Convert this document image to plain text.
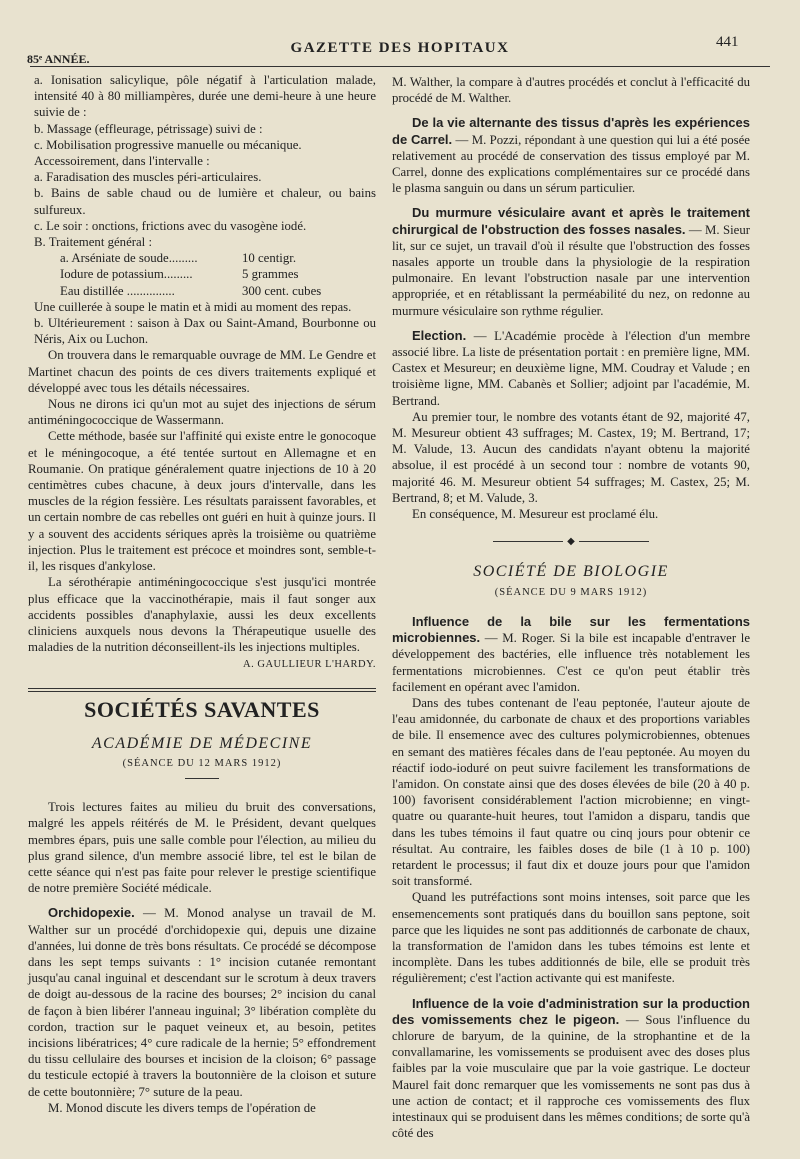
85ᵉ ANNÉE.
GAZETTE DES HOPITAUX	441

a. Ionisation salicylique, pôle négatif à l'articulation malade, intensité 40 à 80 milliampères, durée une demi-heure à une heure suivie de :

b. Massage (effleurage, pétrissage) suivi de :

c. Mobilisation progressive manuelle ou mécanique.

Accessoirement, dans l'intervalle :

a. Faradisation des muscles péri-articulaires.

b. Bains de sable chaud ou de lumière et chaleur, ou bains sulfureux.

c. Le soir : onctions, frictions avec du vasogène iodé.

B. Traitement général :

a. Arséniate de soude.........	10 centigr.
Iodure de potassium.........	5 grammes
Eau distillée ...............	300 cent. cubes

Une cuillerée à soupe le matin et à midi au moment des repas.

b. Ultérieurement : saison à Dax ou Saint-Amand, Bourbonne ou Néris, Aix ou Luchon.

On trouvera dans le remarquable ouvrage de MM. Le Gendre et Martinet chacun des points de ces divers traitements expliqué et développé avec tous les détails nécessaires.

Nous ne dirons ici qu'un mot au sujet des injections de sérum antiméningococcique de Wassermann.

Cette méthode, basée sur l'affinité qui existe entre le gonocoque et le méningocoque, a été tentée surtout en Allemagne et en Roumanie. On pratique généralement quatre injections de 10 à 20 centimètres cubes chacune, à deux jours d'intervalle, dans les muscles de la région fessière. Les résultats paraissent favorables, et un certain nombre de cas rebelles ont guéri en huit à quinze jours. Il y a souvent des accidents sériques après la troisième ou quatrième injection. Plus le traitement est précoce et moindres sont, semble-t-il, les risques d'ankylose.

La sérothérapie antiméningococcique s'est jusqu'ici montrée plus efficace que la vaccinothérapie, mais il faut songer aux accidents possibles d'anaphylaxie, aussi les deux excellents cliniciens auxquels nous devons la Thérapeutique usuelle des maladies de la nutrition déconseillent-ils les injections multiples.

A. GAULLIEUR L'HARDY.
SOCIÉTÉS SAVANTES
ACADÉMIE DE MÉDECINE
(SÉANCE DU 12 MARS 1912)

Trois lectures faites au milieu du bruit des conversations, malgré les appels réitérés de M. le Président, devant quelques membres épars, puis une salle comble pour l'élection, au milieu du plus grand silence, d'un membre associé libre, tel est le bilan de cette séance qui n'est pas faite pour relever le prestige scientifique de notre première Société médicale.

Orchidopexie. — M. Monod analyse un travail de M. Walther sur un procédé d'orchidopexie qui, depuis une dizaine d'années, lui donne de très bons résultats. Ce procédé se décompose dans les sept temps suivants : 1° incision cutanée remontant jusqu'au canal inguinal et descendant sur le scrotum à deux travers de doigt au-dessous de la racine des bourses; 2° incision du canal de façon à bien libérer l'anneau inguinal; 3° libération complète du cordon, traction sur le paquet veineux et, au besoin, petites incisions libératrices; 4° cure radicale de la hernie; 5° effondrement du tissu cellulaire des bourses et incision de la cloison; 6° passage du testicule ectopié à travers la boutonnière de la cloison et suture de cette boutonnière; 7° suture de la peau.

M. Monod discute les divers temps de l'opération de

M. Walther, la compare à d'autres procédés et conclut à l'efficacité du procédé de M. Walther.

De la vie alternante des tissus d'après les expériences de Carrel. — M. Pozzi, répondant à une question qui lui a été posée relativement au procédé de conservation des tissus employé par M. Carrel, donne des explications complémentaires sur ce procédé dans le plasma sanguin ou dans un sérum particulier.

Du murmure vésiculaire avant et après le traitement chirurgical de l'obstruction des fosses nasales. — M. Sieur lit, sur ce sujet, un travail d'où il résulte que l'obstruction des fosses nasales apporte un trouble dans la physiologie de la respiration pulmonaire. En levant l'obstruction nasale par une intervention appropriée, et en rétablissant la perméabilité du nez, on redonne au murmure vésiculaire son rythme régulier.

Election. — L'Académie procède à l'élection d'un membre associé libre. La liste de présentation portait : en première ligne, MM. Castex et Mesureur; en deuxième ligne, MM. Coudray et Valude ; en troisième ligne, MM. Cabanès et Sollier; adjoint par l'académie, M. Bertrand.

Au premier tour, le nombre des votants étant de 92, majorité 47, M. Mesureur obtient 43 suffrages; M. Castex, 19; M. Bertrand, 17; M. Valude, 13. Aucun des candidats n'ayant obtenu la majorité absolue, il est procédé à un second tour : nombre de votants 90, majorité 46. M. Mesureur obtient 54 suffrages; M. Castex, 25; M. Bertrand, 8; et M. Valude, 3.

En conséquence, M. Mesureur est proclamé élu.

◆
SOCIÉTÉ DE BIOLOGIE
(SÉANCE DU 9 MARS 1912)

Influence de la bile sur les fermentations microbiennes. — M. Roger. Si la bile est incapable d'entraver le développement des bactéries, elle influence très notablement les fermentations microbiennes. C'est ce qu'on peut établir très facilement en opérant avec l'amidon.

Dans des tubes contenant de l'eau peptonée, l'auteur ajoute de l'eau amidonnée, du carbonate de chaux et des proportions variables de bile. Il ensemence avec des cultures polymicrobiennes, obtenues en semant des matières fécales dans de l'eau peptonée. Au moyen du réactif iodo-ioduré on peut suivre facilement les transformations de l'amidon. On constate ainsi que des doses élevées de bile (20 à 40 p. 100) favorisent considérablement l'action microbienne; en vingt-quatre ou quarante-huit heures, tout l'amidon a disparu, tandis que dans les tubes témoins il faut quatre ou cinq jours pour obtenir ce résultat. Au contraire, les faibles doses de bile (1 à 10 p. 100) retardent le processus; il faut dix et douze jours pour que l'amidon soit transformé.

Quand les putréfactions sont moins intenses, soit parce que les ensemencements sont pratiqués dans du bouillon sans peptone, soit parce que les liquides ne sont pas additionnés de carbonate de chaux, la transformation de l'amidon dans les tubes témoins est lente et incomplète. Dans les tubes additionnés de bile, elle se produit très régulièrement; c'est l'action activante qui est manifeste.

Influence de la voie d'administration sur la production des vomissements chez le pigeon. — Sous l'influence du chlorure de baryum, de la quinine, de la strophantine et de la convallamarine, les vomissements se produisent avec des doses plus faibles par la voie musculaire que par la voie gastrique. Le docteur Maurel fait donc remarquer que les vomissements ne sont pas dus à une action de contact; et il rapproche ces vomissements des flux intestinaux qui se produisent dans les mêmes conditions; de sorte qu'à côté des
